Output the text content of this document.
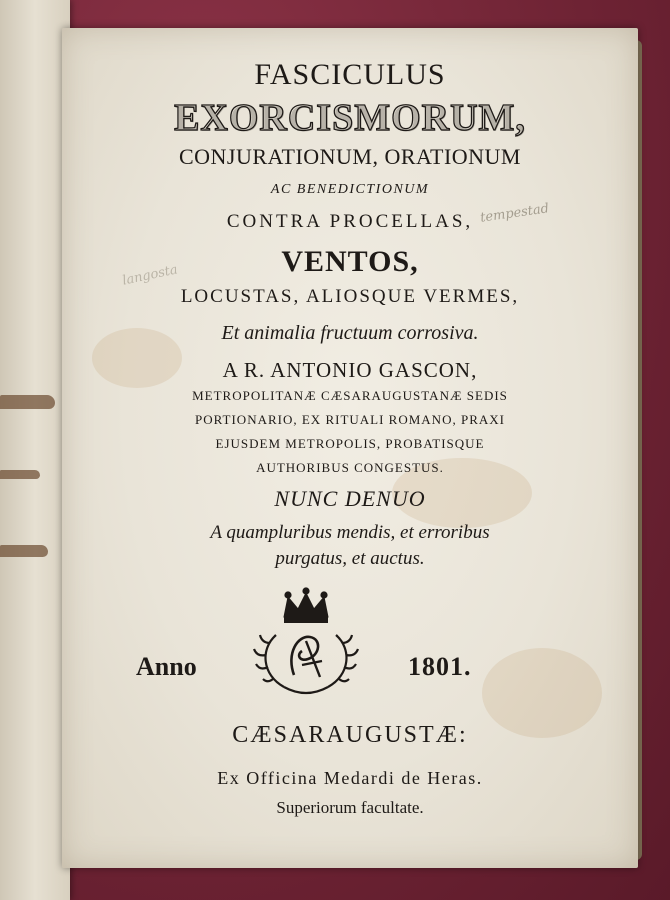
FASCICULUS
EXORCISMORUM,
CONJURATIONUM, ORATIONUM
AC BENEDICTIONUM
CONTRA PROCELLAS,
VENTOS,
LOCUSTAS, ALIOSQUE VERMES,
Et animalia fructuum corrosiva.
A R. ANTONIO GASCON,
METROPOLITANÆ CÆSARAUGUSTANÆ SEDIS
PORTIONARIO, EX RITUALI ROMANO, PRAXI
EJUSDEM METROPOLIS, PROBATISQUE
AUTHORIBUS CONGESTUS.
NUNC DENUO
A quampluribus mendis, et erroribus
purgatus, et auctus.
Anno	1801.
CÆSARAUGUSTÆ:
Ex Officina Medardi de Heras.
Superiorum facultate.
tempestad
langosta
